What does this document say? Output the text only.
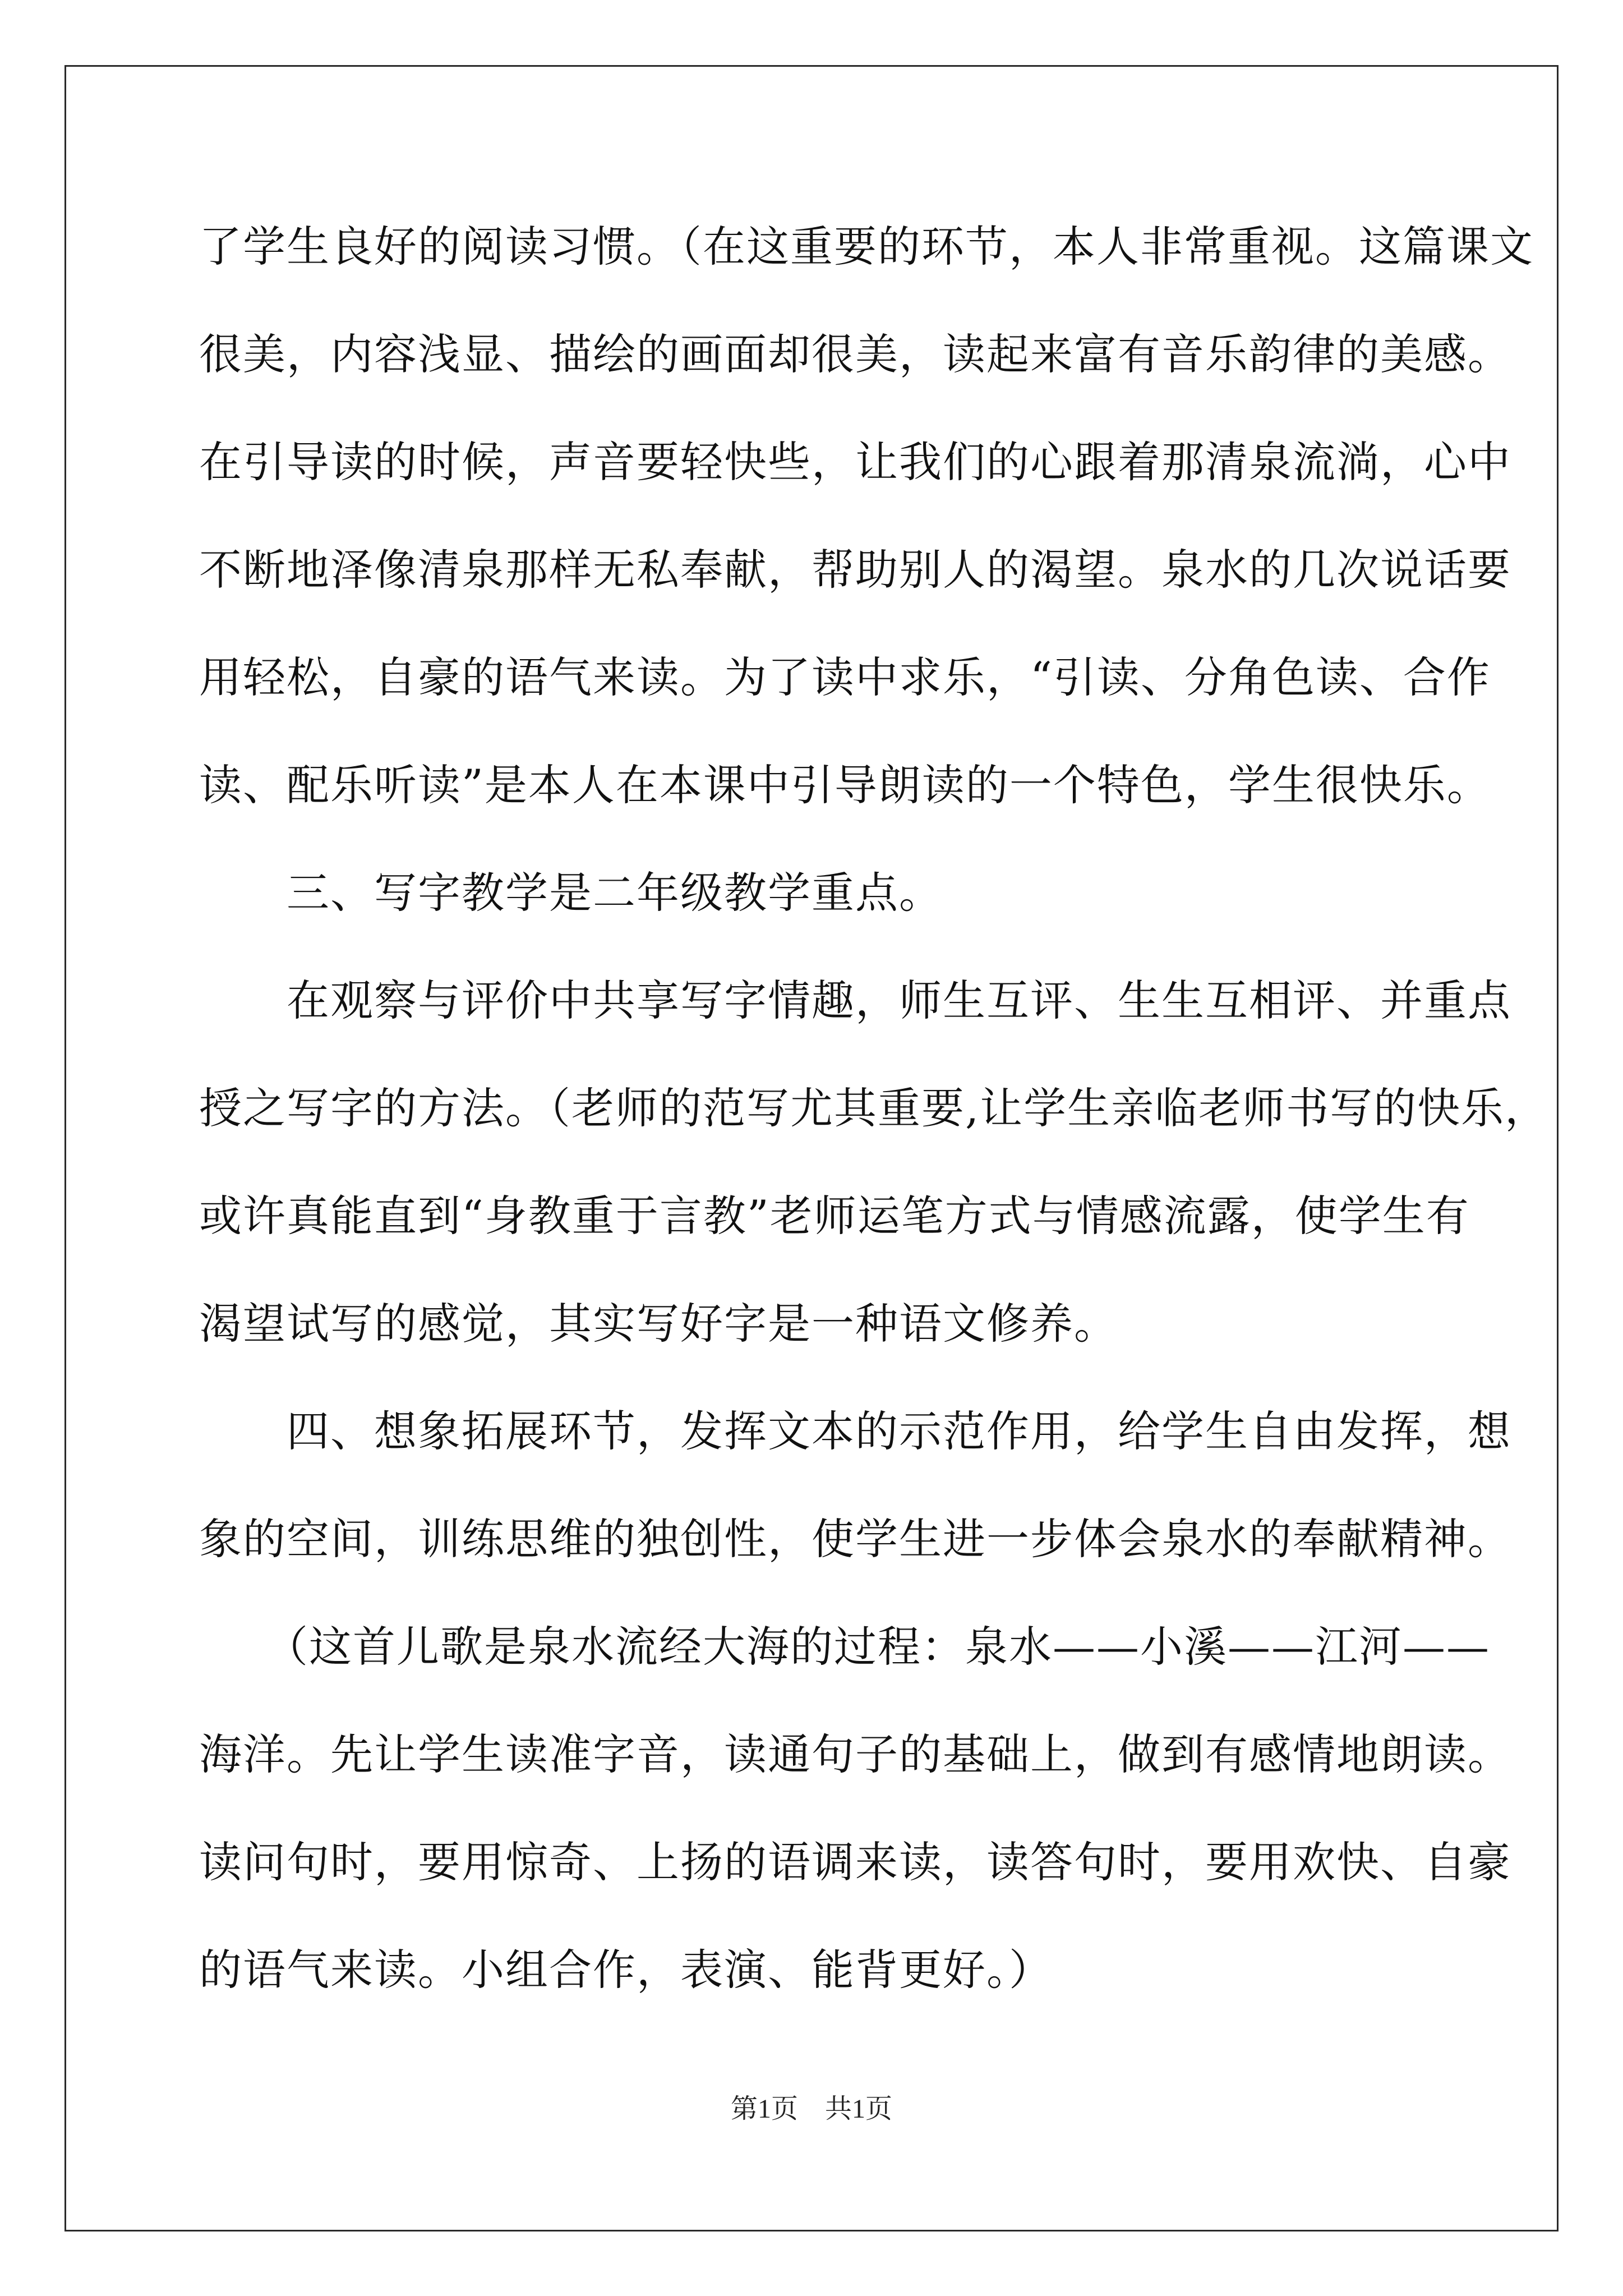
了学生良好的阅读习惯。（在这重要的环节，本人非常重视。这篇课文
很美，内容浅显、描绘的画面却很美，读起来富有音乐韵律的美感。
在引导读的时候，声音要轻快些，让我们的心跟着那清泉流淌，心中
不断地泽像清泉那样无私奉献，帮助别人的渴望。泉水的几次说话要
用轻松，自豪的语气来读。为了读中求乐，“引读、分角色读、合作
读、配乐听读”是本人在本课中引导朗读的一个特色，学生很快乐。
　　三、写字教学是二年级教学重点。
　　在观察与评价中共享写字情趣，师生互评、生生互相评、并重点
授之写字的方法。（老师的范写尤其重要,让学生亲临老师书写的快乐，
或许真能直到“身教重于言教”老师运笔方式与情感流露，使学生有
渴望试写的感觉，其实写好字是一种语文修养。
　　四、想象拓展环节，发挥文本的示范作用，给学生自由发挥，想
象的空间，训练思维的独创性，使学生进一步体会泉水的奉献精神。
　　（这首儿歌是泉水流经大海的过程：泉水——小溪——江河——
海洋。先让学生读准字音，读通句子的基础上，做到有感情地朗读。
读问句时，要用惊奇、上扬的语调来读，读答句时，要用欢快、自豪
的语气来读。小组合作，表演、能背更好。）
第1页　共1页
